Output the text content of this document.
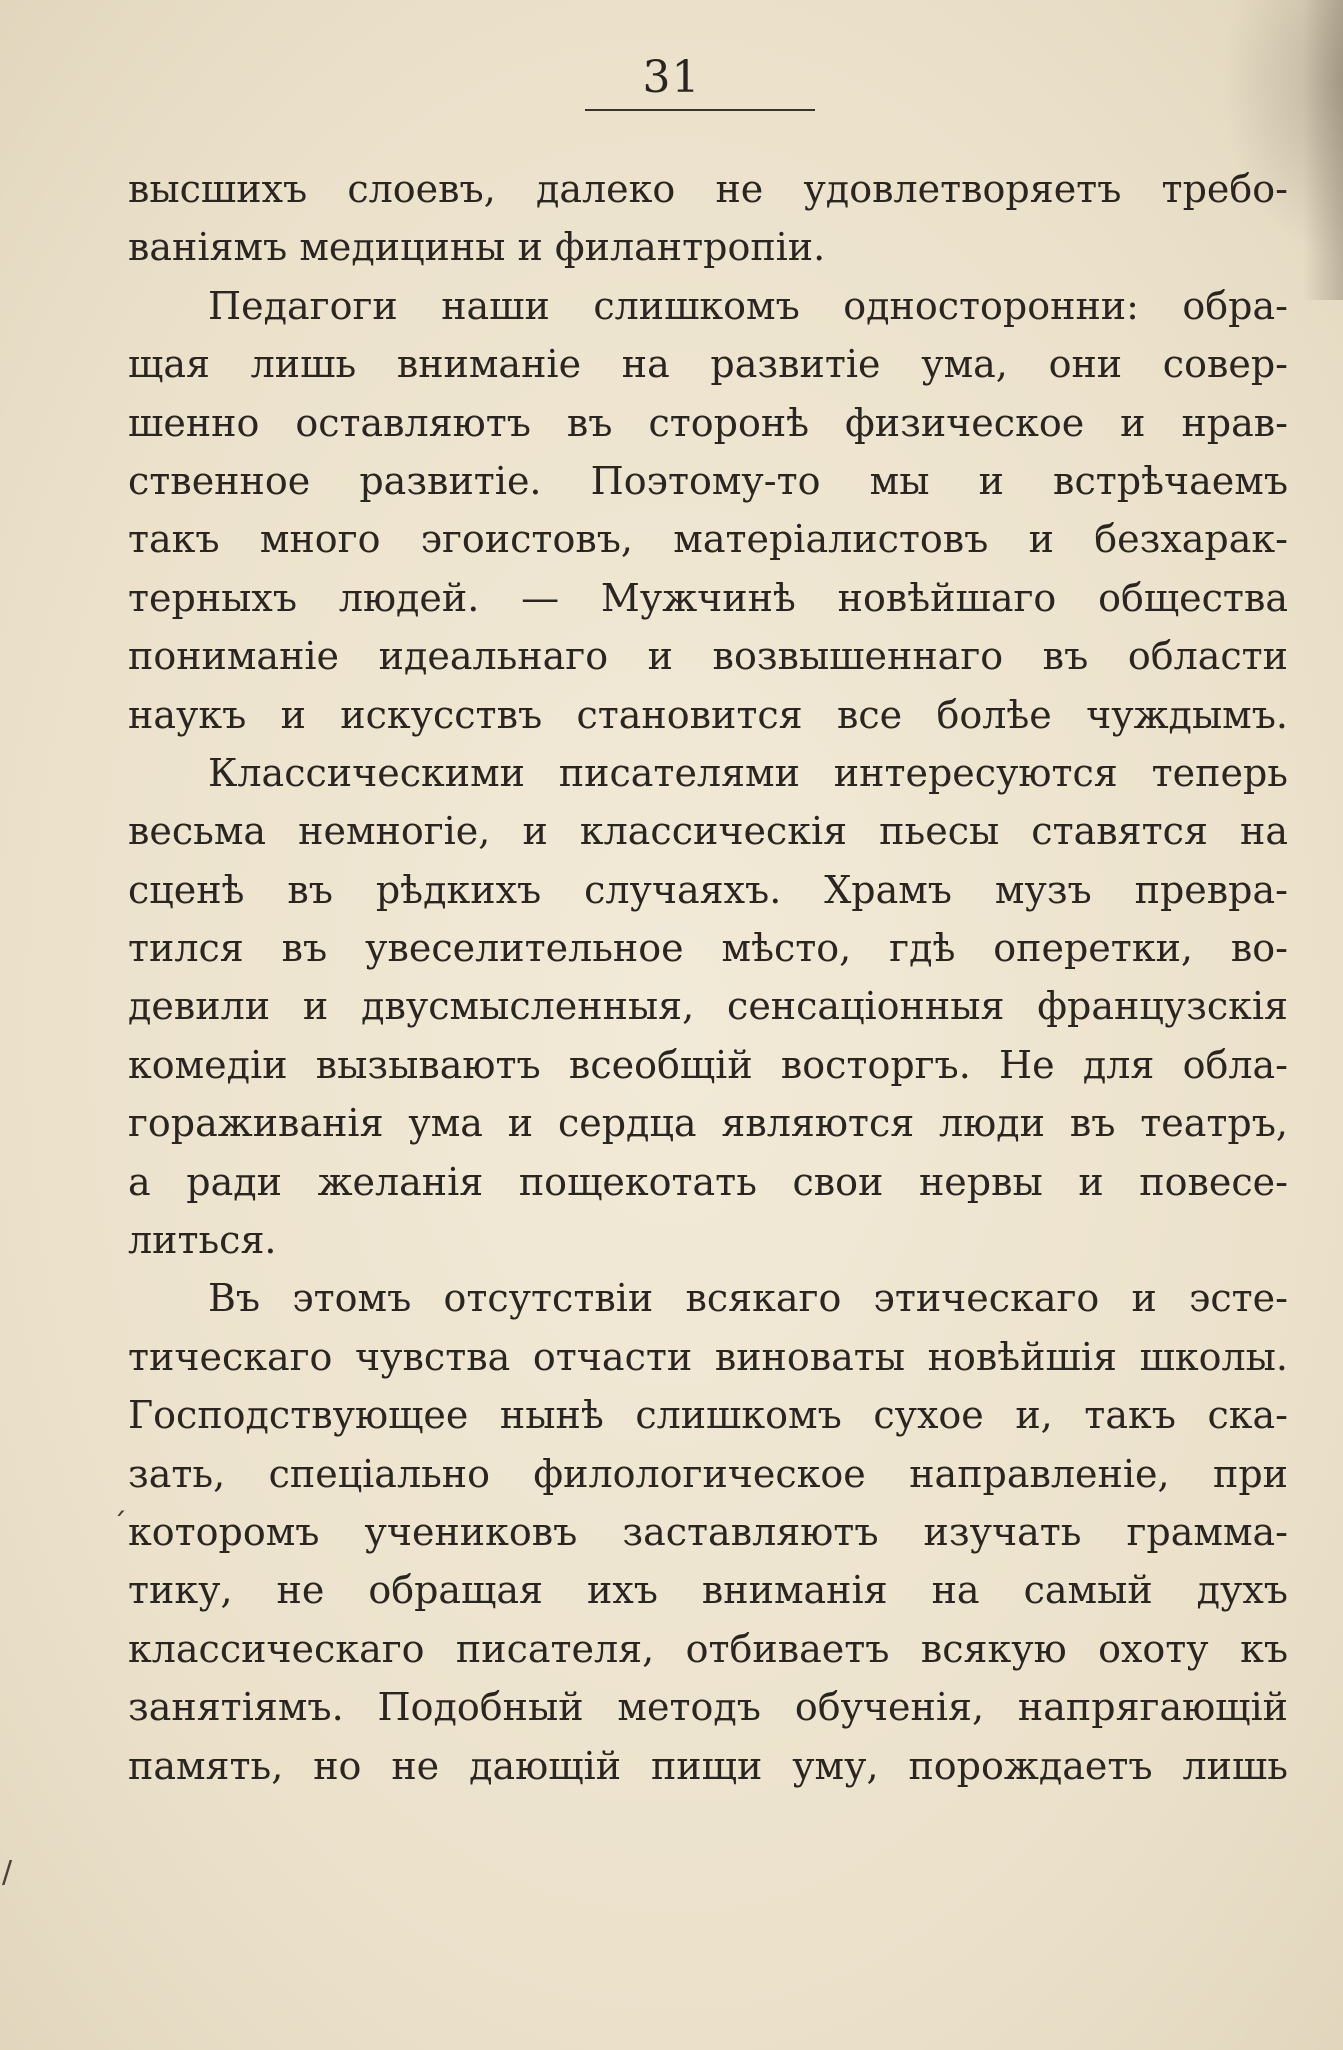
31
высшихъ слоевъ, далеко не удовлетворяетъ требо-
ванiямъ медицины и филантропiи.
Педагоги наши слишкомъ односторонни: обра-
щая лишь вниманiе на развитiе ума, они совер-
шенно оставляютъ въ сторонѣ физическое и нрав-
ственное развитiе. Поэтому-то мы и встрѣчаемъ
такъ много эгоистовъ, матерiалистовъ и безхарак-
терныхъ людей. — Мужчинѣ новѣйшаго общества
пониманiе идеальнаго и возвышеннаго въ области
наукъ и искусствъ становится все болѣе чуждымъ.
Классическими писателями интересуются теперь
весьма немногiе, и классическiя пьесы ставятся на
сценѣ въ рѣдкихъ случаяхъ. Храмъ музъ превра-
тился въ увеселительное мѣсто, гдѣ оперетки, во-
девили и двусмысленныя, сенсацiонныя французскiя
комедiи вызываютъ всеобщiй восторгъ. Не для обла-
гораживанiя ума и сердца являются люди въ театръ,
а ради желанiя пощекотать свои нервы и повесе-
литься.
Въ этомъ отсутствiи всякаго этическаго и эсте-
тическаго чувства отчасти виноваты новѣйшiя школы.
Господствующее нынѣ слишкомъ сухое и, такъ ска-
зать, спецiально филологическое направленiе, при
которомъ учениковъ заставляютъ изучать грамма-
тику, не обращая ихъ вниманiя на самый духъ
классическаго писателя, отбиваетъ всякую охоту къ
занятiямъ. Подобный методъ обученiя, напрягающiй
память, но не дающiй пищи уму, порождаетъ лишь
ˏ
/
